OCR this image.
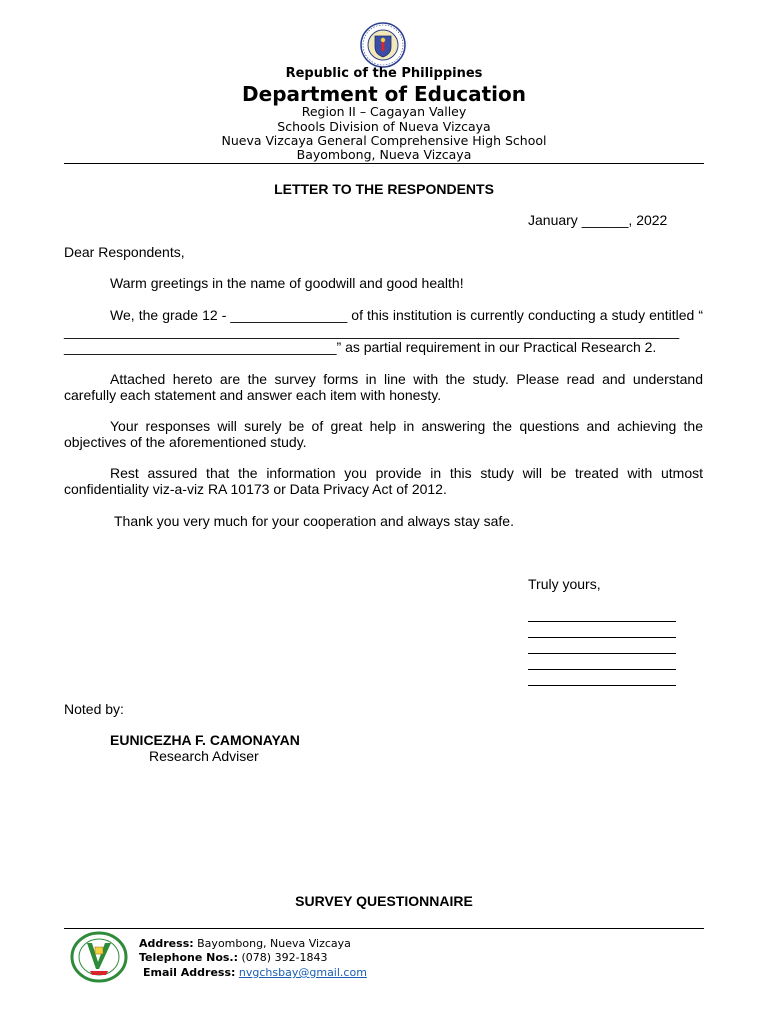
Republic of the Philippines
Department of Education
Region II – Cagayan Valley
Schools Division of Nueva Vizcaya
Nueva Vizcaya General Comprehensive High School
Bayombong, Nueva Vizcaya
LETTER TO THE RESPONDENTS
January ______, 2022
Dear Respondents,
Warm greetings in the name of goodwill and good health!
We, the grade 12 - _______________ of this institution is currently conducting a study entitled “ _______________________________________________________________________________
___________________________________” as partial requirement in our Practical Research 2.
Attached hereto are the survey forms in line with the study. Please read and understand carefully each statement and answer each item with honesty.
Your responses will surely be of great help in answering the questions and achieving the objectives of the aforementioned study.
Rest assured that the information you provide in this study will be treated with utmost confidentiality viz-a-viz RA 10173 or Data Privacy Act of 2012.
Thank you very much for your cooperation and always stay safe.
Truly yours,
Noted by:
EUNICEZHA F. CAMONAYAN
Research Adviser
SURVEY QUESTIONNAIRE
Address: Bayombong, Nueva Vizcaya
Telephone Nos.: (078) 392-1843
Email Address: nvgchsbay@gmail.com
